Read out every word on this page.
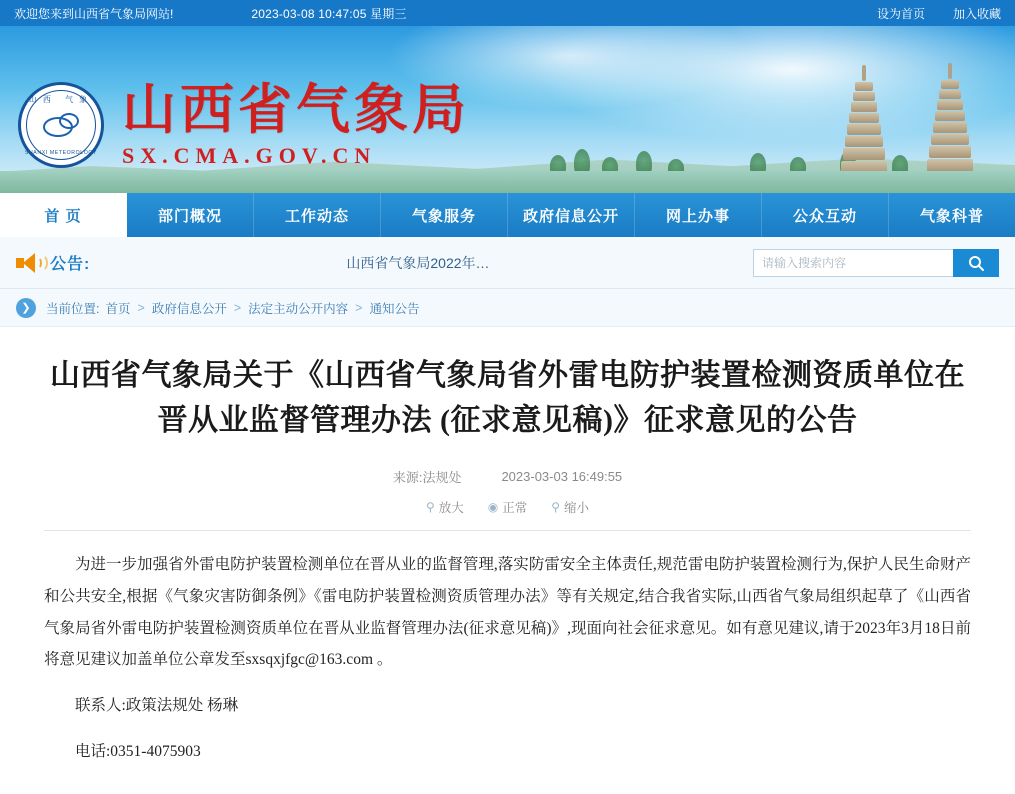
欢迎您来到山西省气象局网站!	2023-03-08 10:47:05 星期三	设为首页 加入收藏
山西 气象
SHANXI METEOROLOGY
山西省气象局
SX.CMA.GOV.CN
首 页	部门概况	工作动态	气象服务	政府信息公开	网上办事	公众互动	气象科普
公告:	山西省气象局2022年…
请输入搜索内容
❯	当前位置: 首页 > 政府信息公开 > 法定主动公开内容 > 通知公告
山西省气象局关于《山西省气象局省外雷电防护装置检测资质单位在晋从业监督管理办法 (征求意见稿)》征求意见的公告
来源:法规处	2023-03-03 16:49:55
⚲ 放大 ◉ 正常 ⚲ 缩小

为进一步加强省外雷电防护装置检测单位在晋从业的监督管理,落实防雷安全主体责任,规范雷电防护装置检测行为,保护人民生命财产和公共安全,根据《气象灾害防御条例》《雷电防护装置检测资质管理办法》等有关规定,结合我省实际,山西省气象局组织起草了《山西省气象局省外雷电防护装置检测资质单位在晋从业监督管理办法(征求意见稿)》,现面向社会征求意见。如有意见建议,请于2023年3月18日前将意见建议加盖单位公章发至sxsqxjfgc@163.com 。

联系人:政策法规处 杨琳

电话:0351-4075903
